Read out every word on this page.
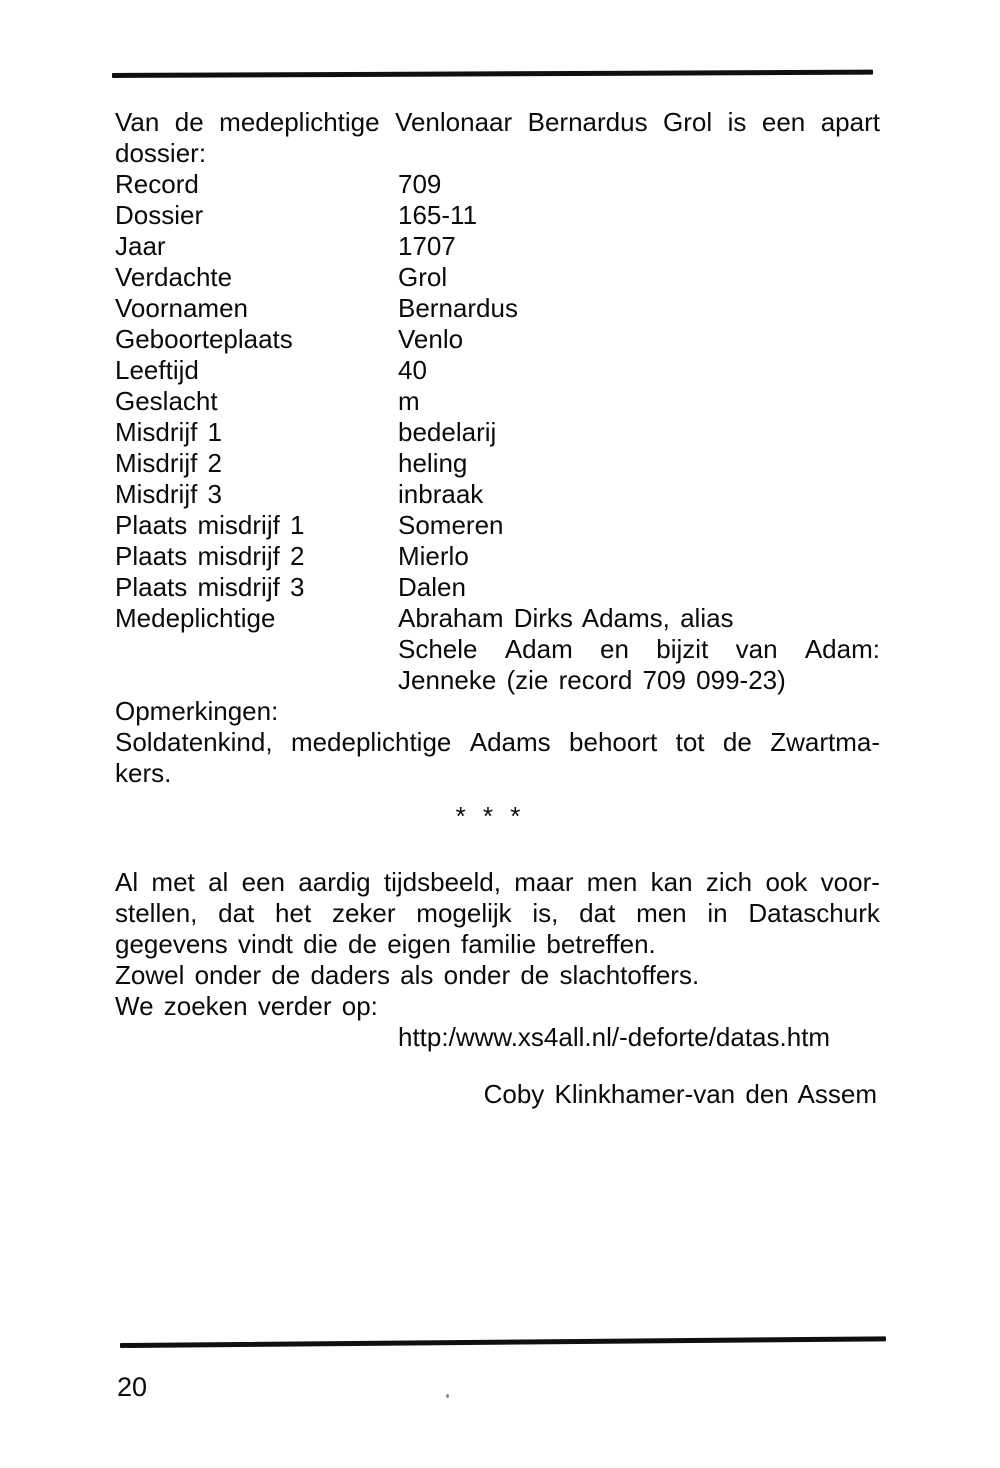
Van de medeplichtige Venlonaar Bernardus Grol is een apart
dossier:
Record	709
Dossier	165-11
Jaar	1707
Verdachte	Grol
Voornamen	Bernardus
Geboorteplaats	Venlo
Leeftijd	40
Geslacht	m
Misdrijf 1	bedelarij
Misdrijf 2	heling
Misdrijf 3	inbraak
Plaats misdrijf 1	Someren
Plaats misdrijf 2	Mierlo
Plaats misdrijf 3	Dalen
Medeplichtige	Abraham Dirks Adams, alias
Schele Adam en bijzit van Adam:
Jenneke (zie record 709 099-23)
Opmerkingen:
Soldatenkind, medeplichtige Adams behoort tot de Zwartma-
kers.
* * *
Al met al een aardig tijdsbeeld, maar men kan zich ook voor-
stellen, dat het zeker mogelijk is, dat men in Dataschurk
gegevens vindt die de eigen familie betreffen.
Zowel onder de daders als onder de slachtoffers.
We zoeken verder op:
http:/www.xs4all.nl/-deforte/datas.htm
Coby Klinkhamer-van den Assem
20
